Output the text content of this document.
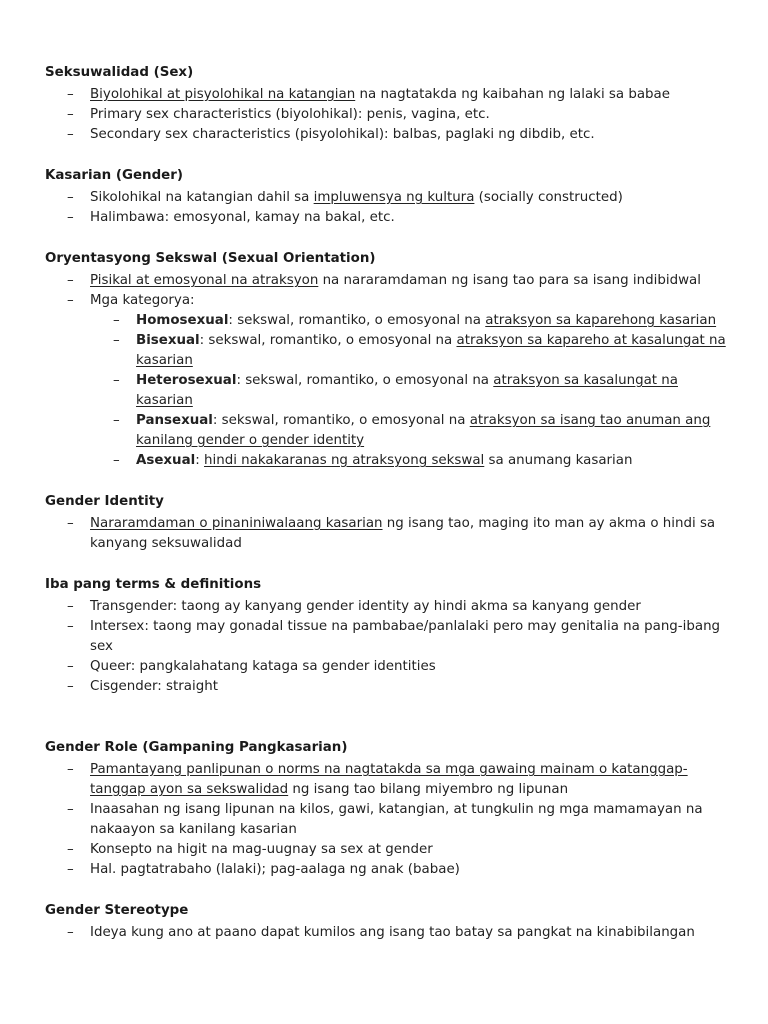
Seksuwalidad (Sex)
– Biyolohikal at pisyolohikal na katangian na nagtatakda ng kaibahan ng lalaki sa babae
– Primary sex characteristics (biyolohikal): penis, vagina, etc.
– Secondary sex characteristics (pisyolohikal): balbas, paglaki ng dibdib, etc.
Kasarian (Gender)
– Sikolohikal na katangian dahil sa impluwensya ng kultura (socially constructed)
– Halimbawa: emosyonal, kamay na bakal, etc.
Oryentasyong Sekswal (Sexual Orientation)
– Pisikal at emosyonal na atraksyon na nararamdaman ng isang tao para sa isang indibidwal
– Mga kategorya:
– Homosexual: sekswal, romantiko, o emosyonal na atraksyon sa kaparehong kasarian
– Bisexual: sekswal, romantiko, o emosyonal na atraksyon sa kapareho at kasalungat na kasarian
– Heterosexual: sekswal, romantiko, o emosyonal na atraksyon sa kasalungat na kasarian
– Pansexual: sekswal, romantiko, o emosyonal na atraksyon sa isang tao anuman ang kanilang gender o gender identity
– Asexual: hindi nakakaranas ng atraksyong sekswal sa anumang kasarian
Gender Identity
– Nararamdaman o pinaniniwalaang kasarian ng isang tao, maging ito man ay akma o hindi sa kanyang seksuwalidad
Iba pang terms & definitions
– Transgender: taong ay kanyang gender identity ay hindi akma sa kanyang gender
– Intersex: taong may gonadal tissue na pambabae/panlalaki pero may genitalia na pang-ibang sex
– Queer: pangkalahatang kataga sa gender identities
– Cisgender: straight
Gender Role (Gampaning Pangkasarian)
– Pamantayang panlipunan o norms na nagtatakda sa mga gawaing mainam o katanggap-tanggap ayon sa sekswalidad ng isang tao bilang miyembro ng lipunan
– Inaasahan ng isang lipunan na kilos, gawi, katangian, at tungkulin ng mga mamamayan na nakaayon sa kanilang kasarian
– Konsepto na higit na mag-uugnay sa sex at gender
– Hal. pagtatrabaho (lalaki); pag-aalaga ng anak (babae)
Gender Stereotype
– Ideya kung ano at paano dapat kumilos ang isang tao batay sa pangkat na kinabibilangan
